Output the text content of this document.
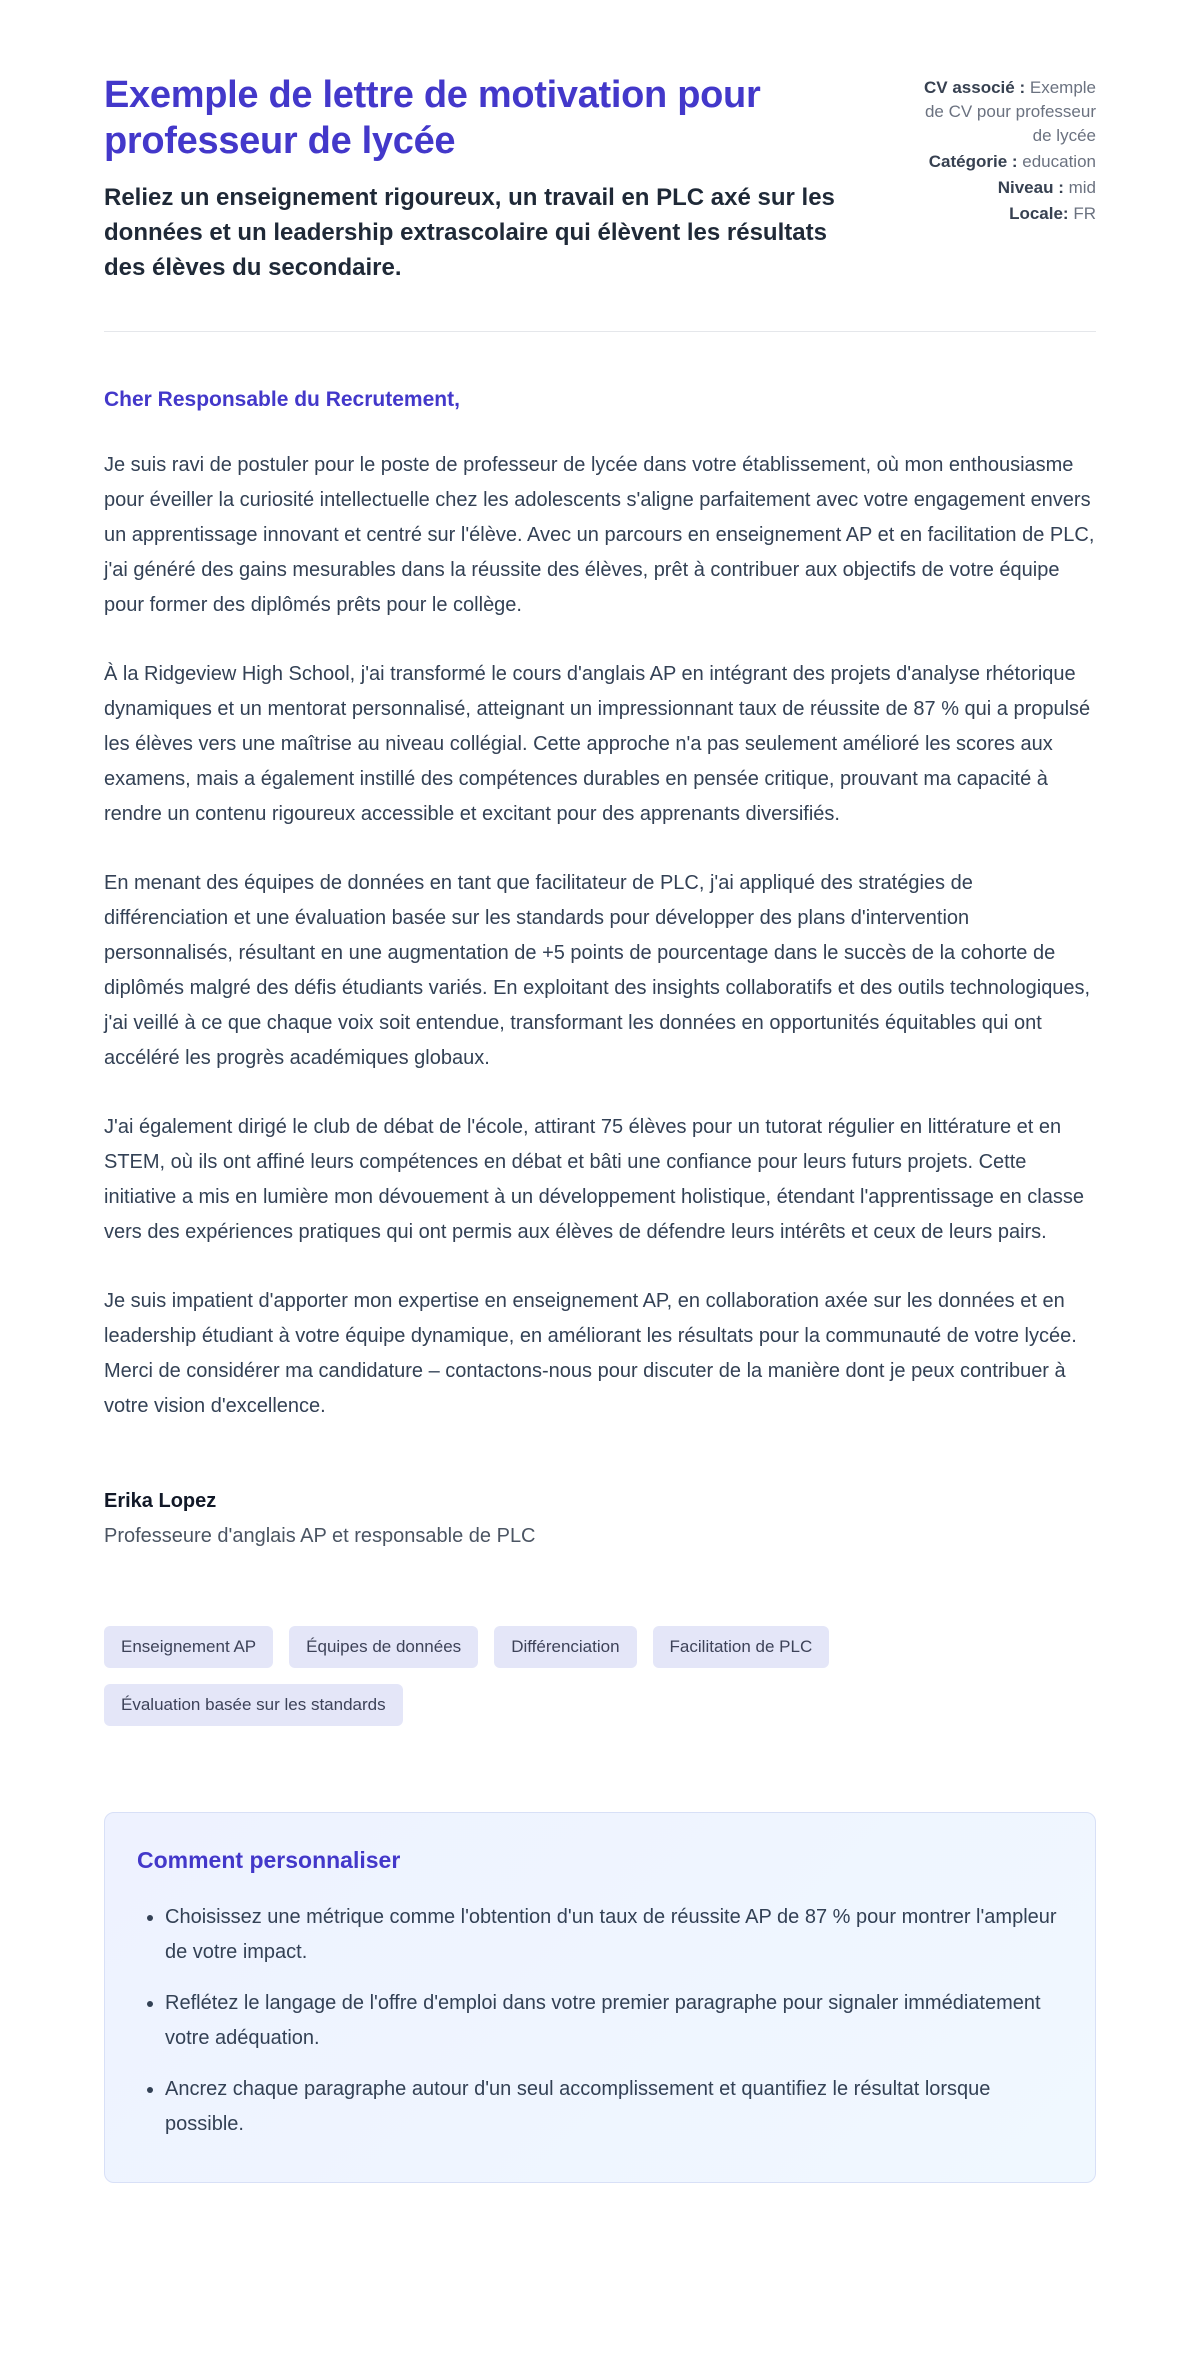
Exemple de lettre de motivation pour professeur de lycée

Reliez un enseignement rigoureux, un travail en PLC axé sur les données et un leadership extrascolaire qui élèvent les résultats des élèves du secondaire.

CV associé : Exemple de CV pour professeur de lycée
Catégorie : education
Niveau : mid
Locale: FR

Cher Responsable du Recrutement,

Je suis ravi de postuler pour le poste de professeur de lycée dans votre établissement, où mon enthousiasme pour éveiller la curiosité intellectuelle chez les adolescents s'aligne parfaitement avec votre engagement envers un apprentissage innovant et centré sur l'élève. Avec un parcours en enseignement AP et en facilitation de PLC, j'ai généré des gains mesurables dans la réussite des élèves, prêt à contribuer aux objectifs de votre équipe pour former des diplômés prêts pour le collège.

À la Ridgeview High School, j'ai transformé le cours d'anglais AP en intégrant des projets d'analyse rhétorique dynamiques et un mentorat personnalisé, atteignant un impressionnant taux de réussite de 87 % qui a propulsé les élèves vers une maîtrise au niveau collégial. Cette approche n'a pas seulement amélioré les scores aux examens, mais a également instillé des compétences durables en pensée critique, prouvant ma capacité à rendre un contenu rigoureux accessible et excitant pour des apprenants diversifiés.

En menant des équipes de données en tant que facilitateur de PLC, j'ai appliqué des stratégies de différenciation et une évaluation basée sur les standards pour développer des plans d'intervention personnalisés, résultant en une augmentation de +5 points de pourcentage dans le succès de la cohorte de diplômés malgré des défis étudiants variés. En exploitant des insights collaboratifs et des outils technologiques, j'ai veillé à ce que chaque voix soit entendue, transformant les données en opportunités équitables qui ont accéléré les progrès académiques globaux.

J'ai également dirigé le club de débat de l'école, attirant 75 élèves pour un tutorat régulier en littérature et en STEM, où ils ont affiné leurs compétences en débat et bâti une confiance pour leurs futurs projets. Cette initiative a mis en lumière mon dévouement à un développement holistique, étendant l'apprentissage en classe vers des expériences pratiques qui ont permis aux élèves de défendre leurs intérêts et ceux de leurs pairs.

Je suis impatient d'apporter mon expertise en enseignement AP, en collaboration axée sur les données et en leadership étudiant à votre équipe dynamique, en améliorant les résultats pour la communauté de votre lycée. Merci de considérer ma candidature – contactons-nous pour discuter de la manière dont je peux contribuer à votre vision d'excellence.

Erika Lopez

Professeure d'anglais AP et responsable de PLC

Enseignement AP	Équipes de données	Différenciation	Facilitation de PLC
Évaluation basée sur les standards
Comment personnaliser
• Choisissez une métrique comme l'obtention d'un taux de réussite AP de 87 % pour montrer l'ampleur de votre impact.
• Reflétez le langage de l'offre d'emploi dans votre premier paragraphe pour signaler immédiatement votre adéquation.
• Ancrez chaque paragraphe autour d'un seul accomplissement et quantifiez le résultat lorsque possible.
